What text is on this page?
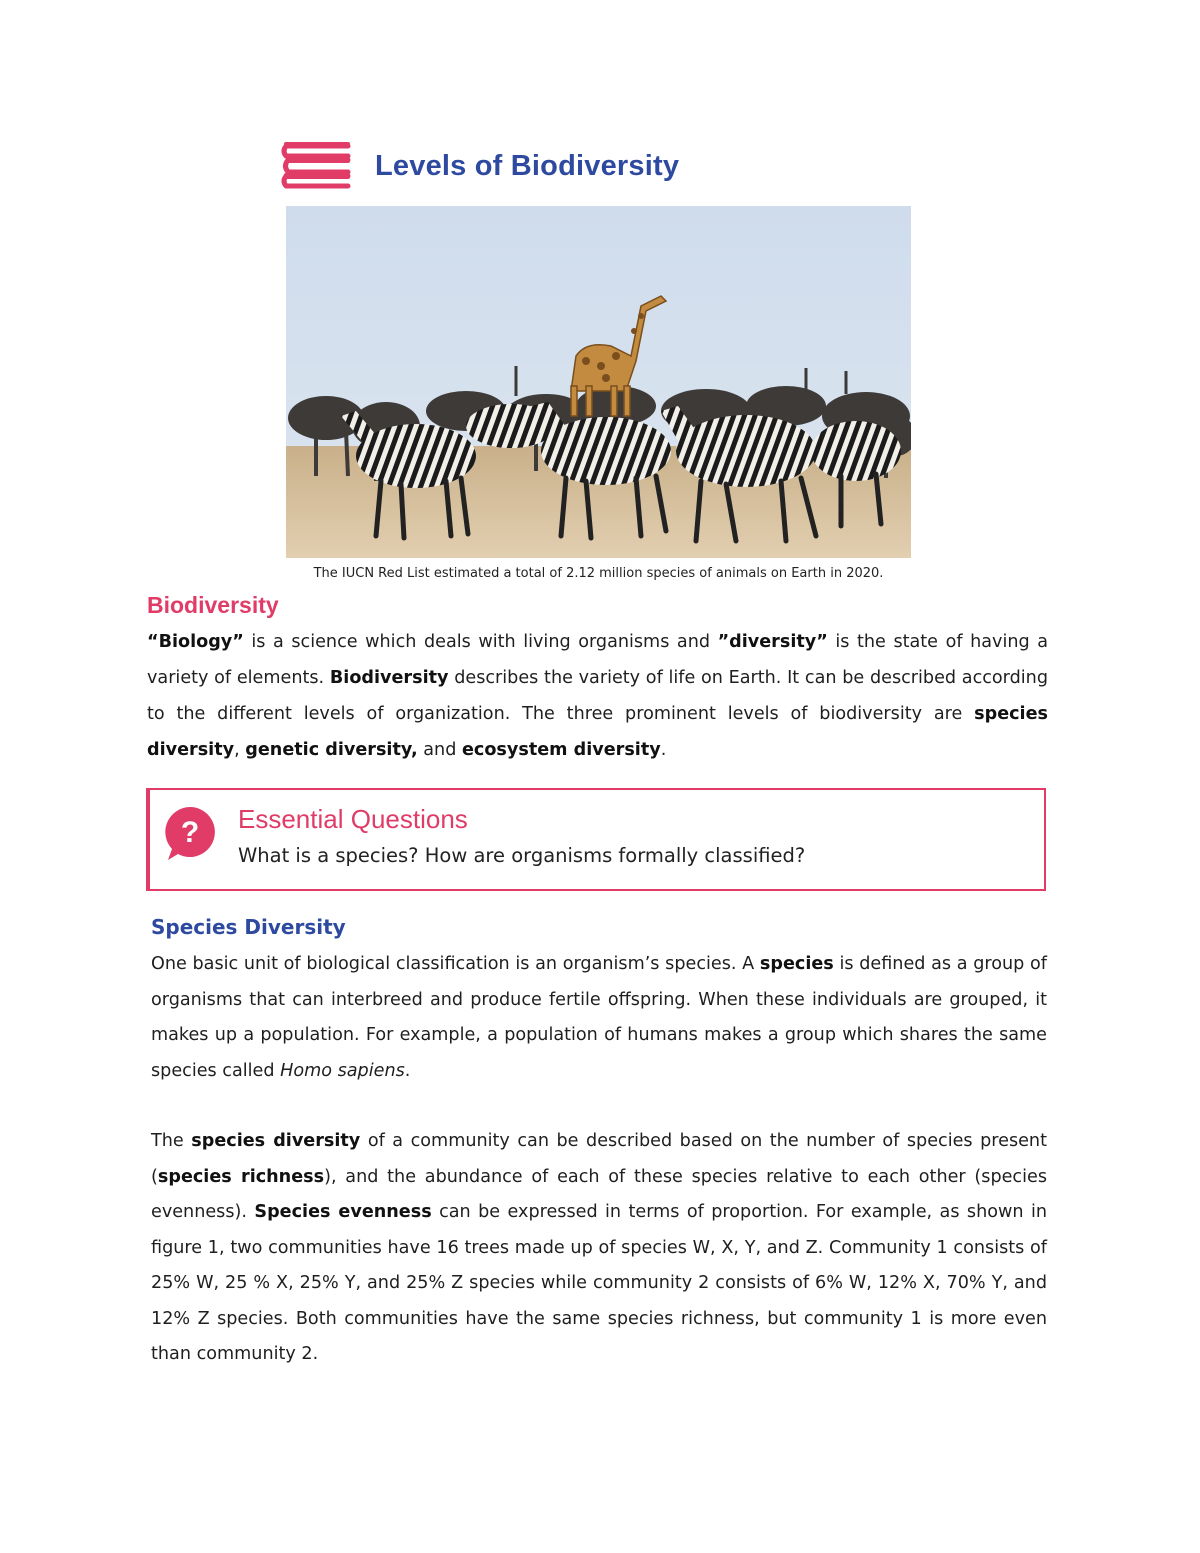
Levels of Biodiversity
The IUCN Red List estimated a total of 2.12 million species of animals on Earth in 2020.
Biodiversity
“Biology” is a science which deals with living organisms and ”diversity” is the state of having a variety of elements. Biodiversity describes the variety of life on Earth. It can be described according to the different levels of organization. The three prominent levels of biodiversity are species diversity, genetic diversity, and ecosystem diversity.
? Essential Questions
What is a species? How are organisms formally classified?
Species Diversity
One basic unit of biological classification is an organism’s species. A species is defined as a group of organisms that can interbreed and produce fertile offspring. When these individuals are grouped, it makes up a population. For example, a population of humans makes a group which shares the same species called Homo sapiens.
The species diversity of a community can be described based on the number of species present (species richness), and the abundance of each of these species relative to each other (species evenness). Species evenness can be expressed in terms of proportion. For example, as shown in figure 1, two communities have 16 trees made up of species W, X, Y, and Z. Community 1 consists of 25% W, 25 % X, 25% Y, and 25% Z species while community 2 consists of 6% W, 12% X, 70% Y, and 12% Z species. Both communities have the same species richness, but community 1 is more even than community 2.
